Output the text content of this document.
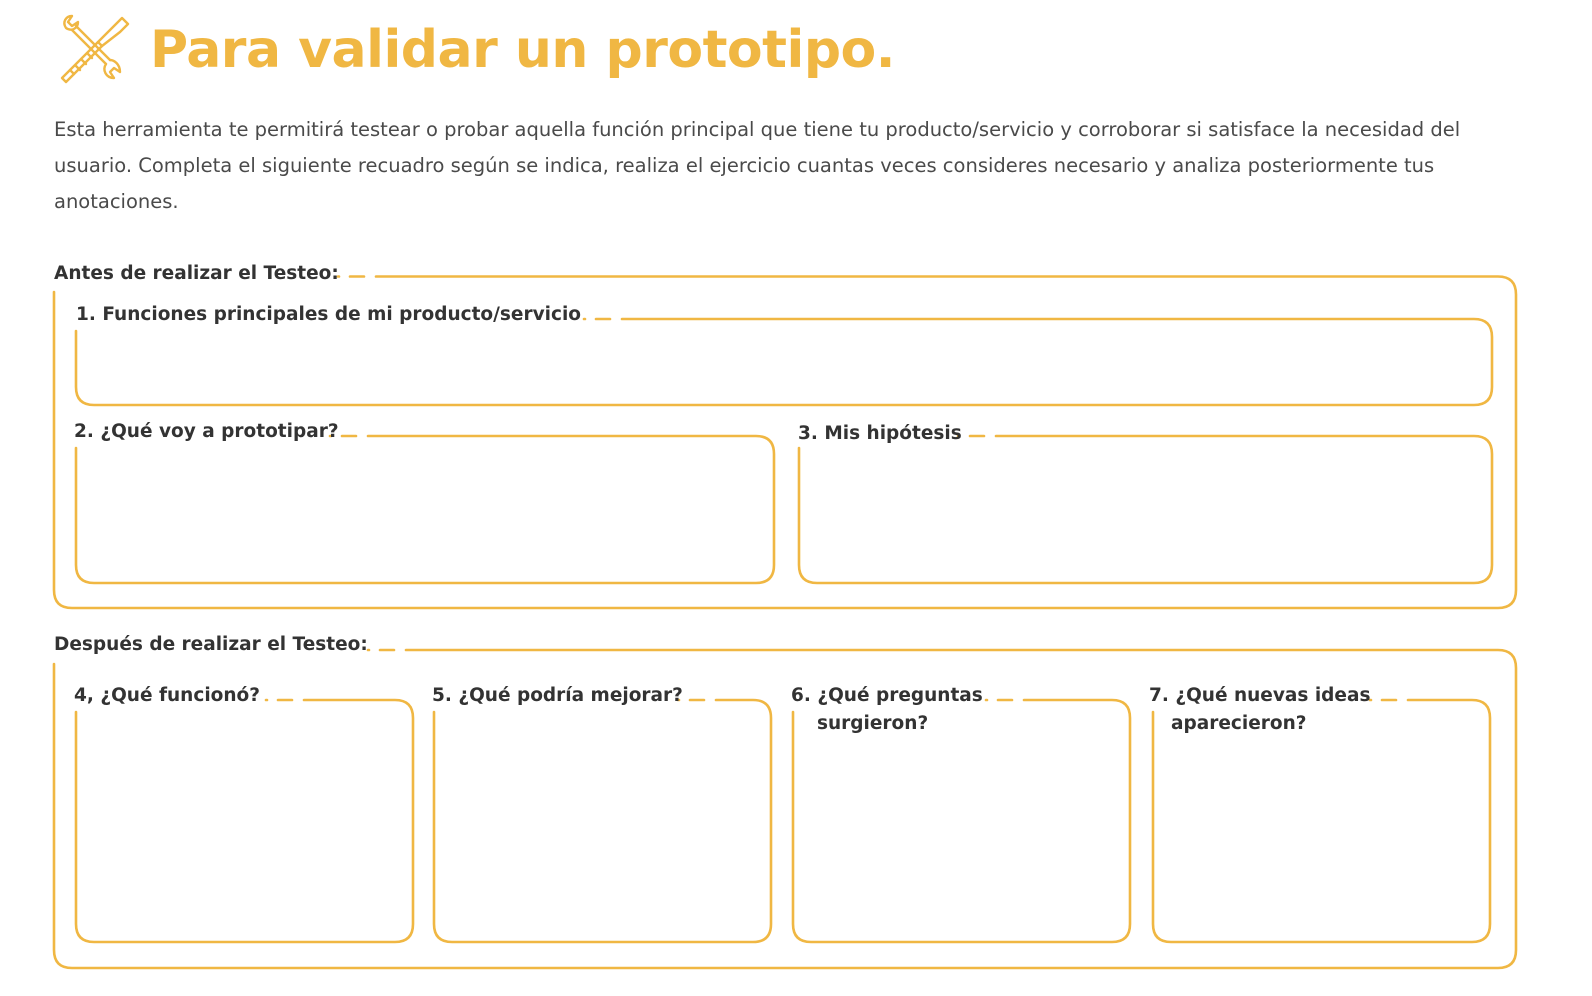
Para validar un prototipo.

Esta herramienta te permitirá testear o probar aquella función principal que tiene tu producto/servicio y corroborar si satisface la necesidad del usuario. Completa el siguiente recuadro según se indica, realiza el ejercicio cuantas veces consideres necesario y analiza posteriormente tus anotaciones.

Antes de realizar el Testeo:
1. Funciones principales de mi producto/servicio
2. ¿Qué voy a prototipar?	3. Mis hipótesis
Después de realizar el Testeo:
4, ¿Qué funcionó?	5. ¿Qué podría mejorar?	6. ¿Qué preguntas
surgieron?
7. ¿Qué nuevas ideas
aparecieron?
